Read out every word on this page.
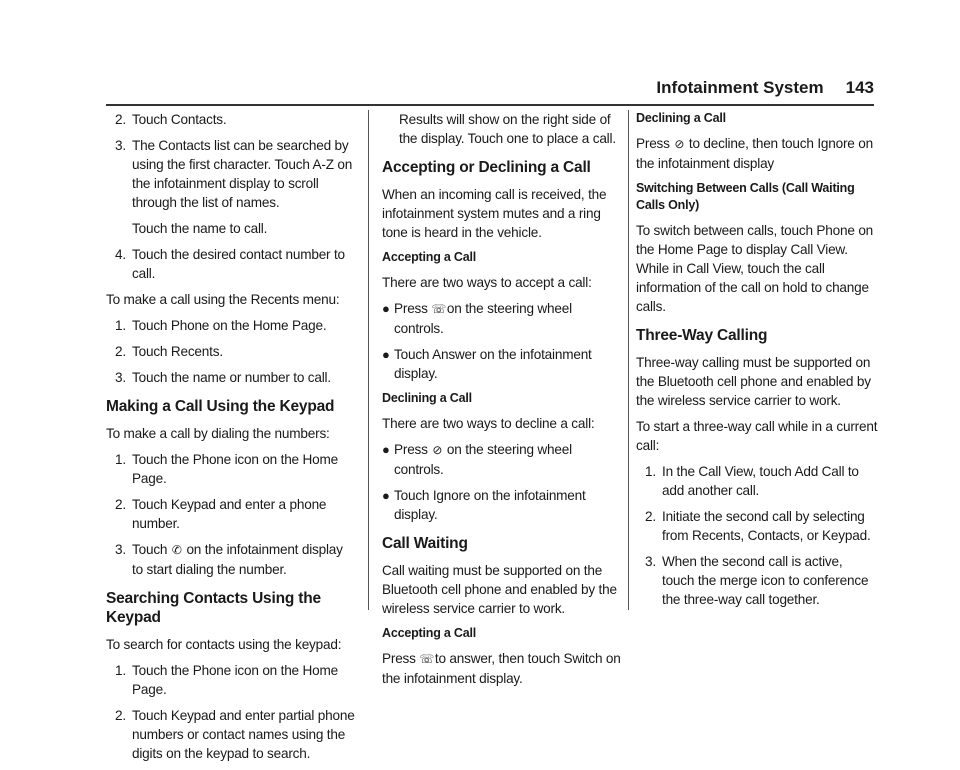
Infotainment System 143
2. Touch Contacts.
3. The Contacts list can be searched by using the first character. Touch A-Z on the infotainment display to scroll through the list of names.

Touch the name to call.

4. Touch the desired contact number to call.

To make a call using the Recents menu:

1. Touch Phone on the Home Page.
2. Touch Recents.
3. Touch the name or number to call.
Making a Call Using the Keypad

To make a call by dialing the numbers:

1. Touch the Phone icon on the Home Page.
2. Touch Keypad and enter a phone number.
3. Touch ✆ on the infotainment display to start dialing the number.
Searching Contacts Using the Keypad

To search for contacts using the keypad:

1. Touch the Phone icon on the Home Page.
2. Touch Keypad and enter partial phone numbers or contact names using the digits on the keypad to search.

Results will show on the right side of the display. Touch one to place a call.

Accepting or Declining a Call

When an incoming call is received, the infotainment system mutes and a ring tone is heard in the vehicle.

Accepting a Call

There are two ways to accept a call:

● Press ☏ on the steering wheel controls.
● Touch Answer on the infotainment display.
Declining a Call

There are two ways to decline a call:

● Press ⊘ on the steering wheel controls.
● Touch Ignore on the infotainment display.
Call Waiting

Call waiting must be supported on the Bluetooth cell phone and enabled by the wireless service carrier to work.

Accepting a Call

Press ☏ to answer, then touch Switch on the infotainment display.

Declining a Call

Press ⊘ to decline, then touch Ignore on the infotainment display

Switching Between Calls (Call Waiting Calls Only)

To switch between calls, touch Phone on the Home Page to display Call View. While in Call View, touch the call information of the call on hold to change calls.

Three-Way Calling

Three-way calling must be supported on the Bluetooth cell phone and enabled by the wireless service carrier to work.

To start a three-way call while in a current call:

1. In the Call View, touch Add Call to add another call.
2. Initiate the second call by selecting from Recents, Contacts, or Keypad.
3. When the second call is active, touch the merge icon to conference the three-way call together.
